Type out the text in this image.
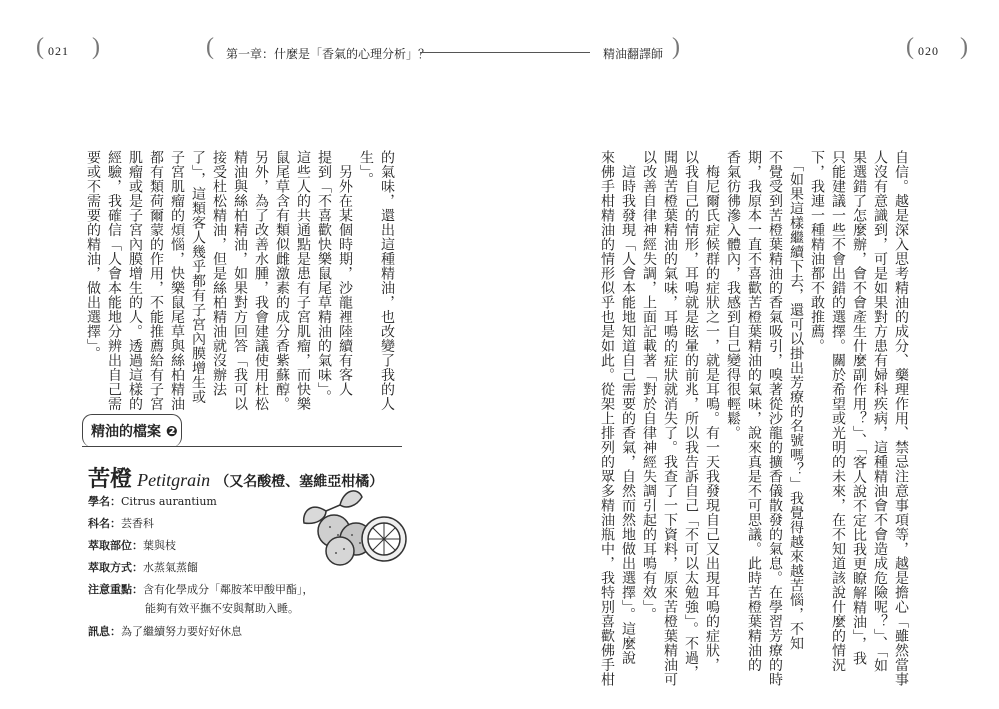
( 021 )	( 第一章：什麼是「香氣的心理分析」？	精油翻譯師 )	( 020 )
自信。越是深入思考精油的成分、藥理作用、禁忌注意事項等，越是擔心「雖然當事
人沒有意識到，可是如果對方患有婦科疾病，這種精油會不會造成危險呢？」、「如
果選錯了怎麼辦，會不會產生什麼副作用？」、「客人說不定比我更瞭解精油」，我
只能建議一些不會出錯的選擇。關於希望或光明的未來，在不知道該說什麼的情況
下，我連一種精油都不敢推薦。
　「如果這樣繼續下去，還可以掛出芳療的名號嗎？」我覺得越來越苦惱，不知
不覺受到苦橙葉精油的香氣吸引，嗅著從沙龍的擴香儀散發的氣息。在學習芳療的時
期，我原本一直不喜歡苦橙葉精油的氣味，說來真是不可思議。此時苦橙葉精油的
香氣彷彿滲入體內，我感到自己變得很輕鬆。
　梅尼爾氏症候群的症狀之一，就是耳鳴。有一天我發現自己又出現耳鳴的症狀，
以我自己的情形，耳鳴就是眩暈的前兆，所以我告訴自己「不可以太勉強」。不過，
聞過苦橙葉精油的氣味，耳鳴的症狀就消失了。我查了一下資料，原來苦橙葉精油可
以改善自律神經失調，上面記載著「對於自律神經失調引起的耳鳴有效」。
　這時我發現「人會本能地知道自己需要的香氣，自然而然地做出選擇」。這麼說
來佛手柑精油的情形似乎也是如此。從架上排列的眾多精油瓶中，我特別喜歡佛手柑
的氣味，還出這種精油，也改變了我的人
生」。
　另外在某個時期，沙龍裡陸續有客人
提到「不喜歡快樂鼠尾草精油的氣味」。
這些人的共通點是患有子宮肌瘤，而快樂
鼠尾草含有類似雌激素的成分香紫蘇醇。
另外，為了改善水腫，我會建議使用杜松
精油與絲柏精油，如果對方回答「我可以
接受杜松精油，但是絲柏精油就沒辦法
了」，這類客人幾乎都有子宮內膜增生或
子宮肌瘤的煩惱，快樂鼠尾草與絲柏精油
都有類荷爾蒙的作用，不能推薦給有子宮
肌瘤或是子宮內膜增生的人。透過這樣的
經驗，我確信「人會本能地分辨出自己需
要或不需要的精油，做出選擇」。
精油的檔案 ❷
苦橙 Petitgrain （又名酸橙、塞維亞柑橘）
學名：Citrus aurantium
科名：芸香科
萃取部位：葉與枝
萃取方式：水蒸氣蒸餾
注意重點：含有化學成分「鄰胺苯甲酸甲酯」，
能夠有效平撫不安與幫助入睡。
訊息：為了繼續努力要好好休息
